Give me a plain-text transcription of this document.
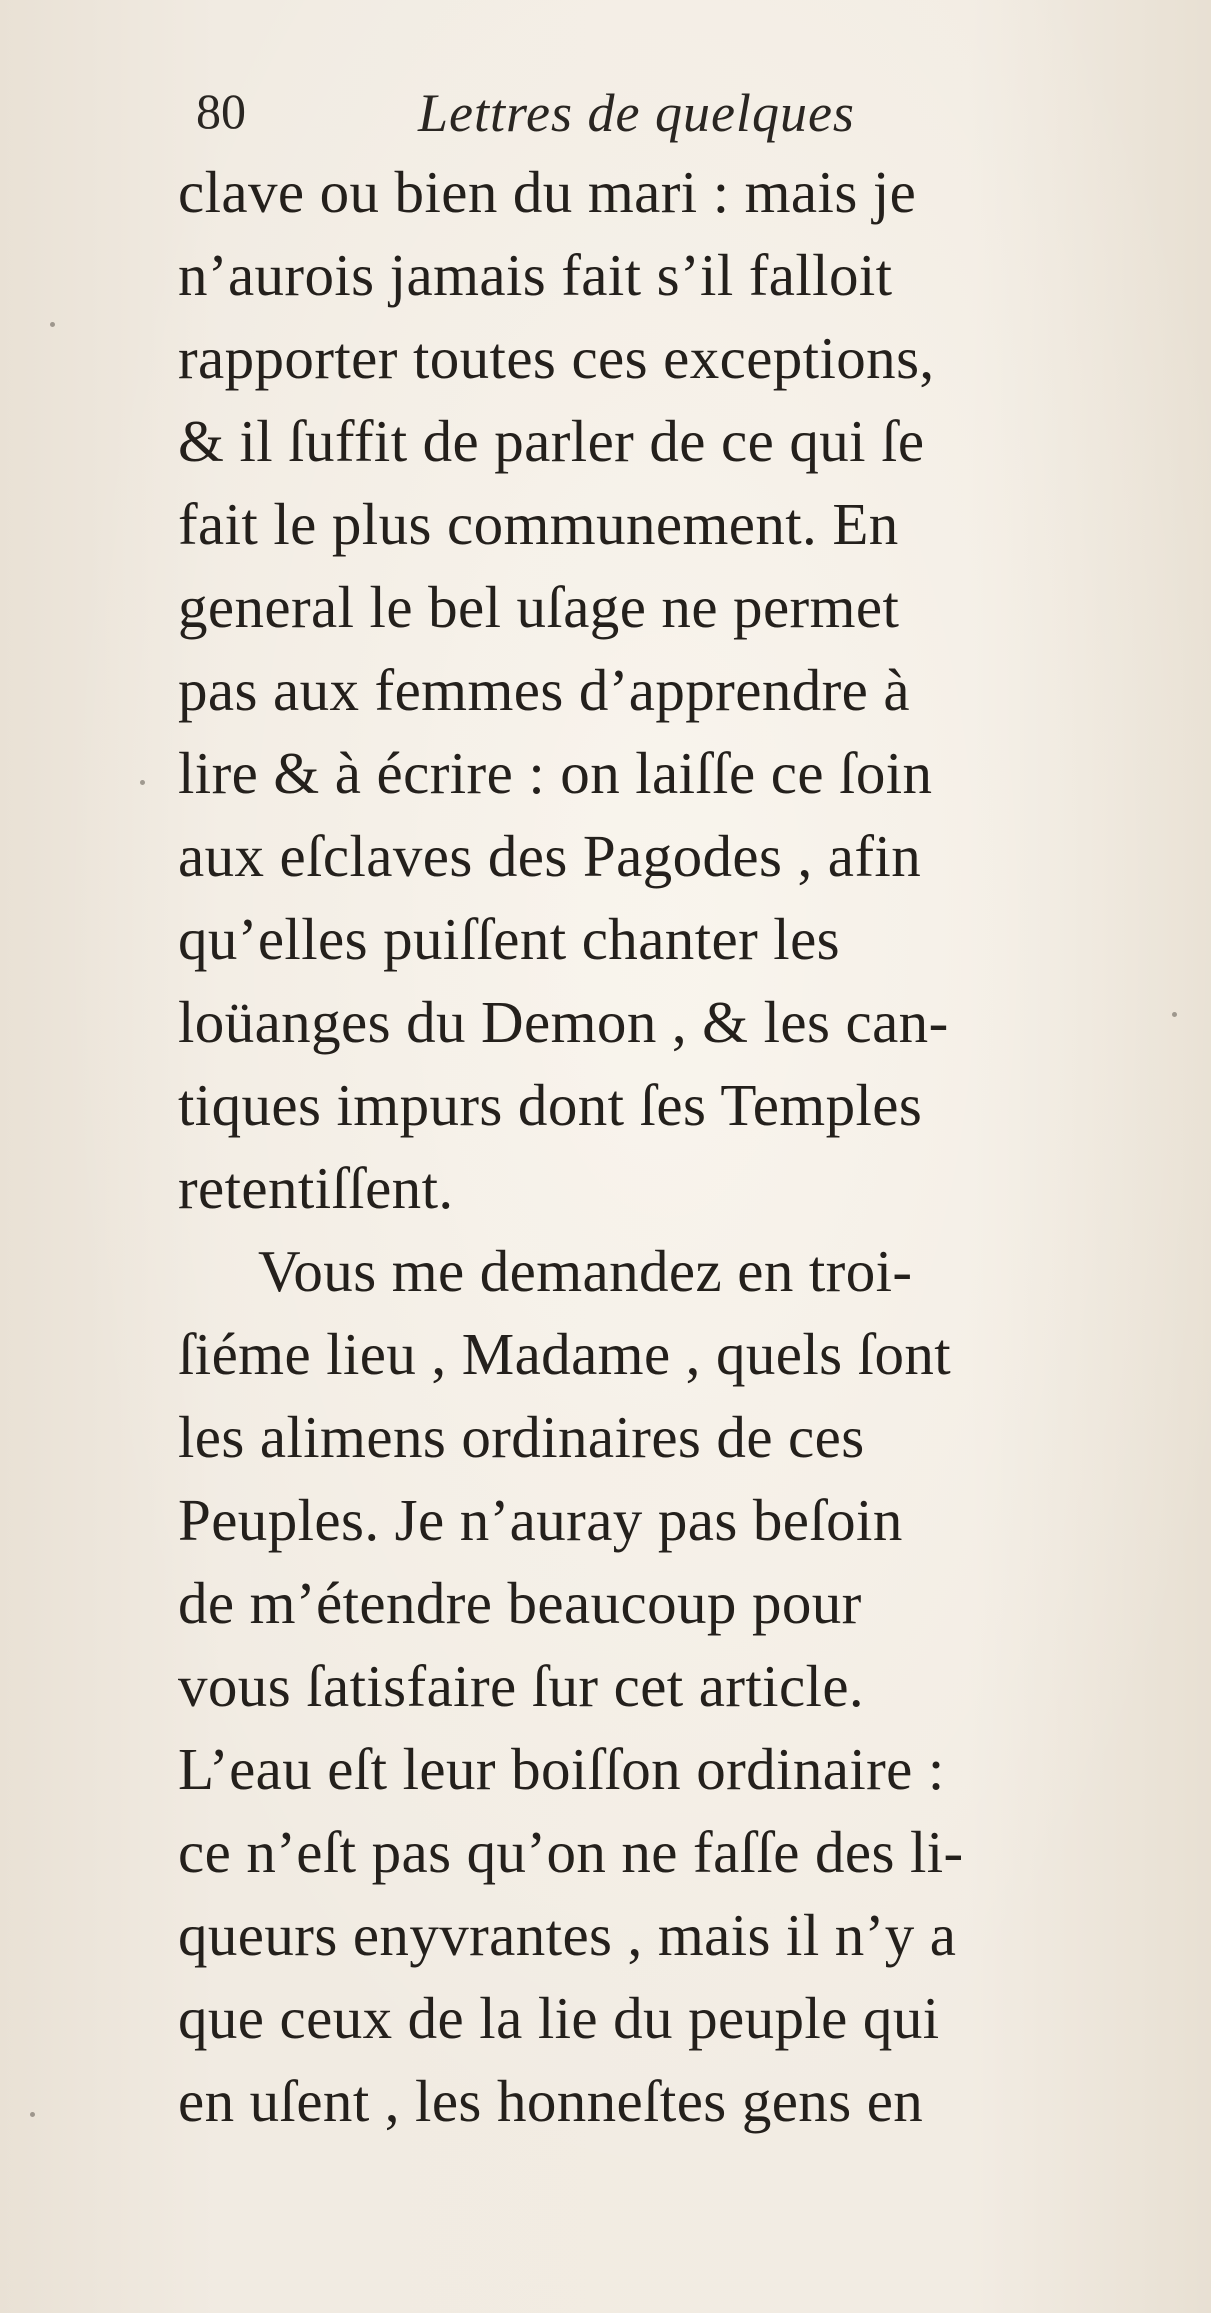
80	Lettres de quelques
clave ou bien du mari : mais je
n’aurois jamais fait s’il falloit
rapporter toutes ces exceptions,
& il ſuffit de parler de ce qui ſe
fait le plus communement. En
general le bel uſage ne permet
pas aux femmes d’apprendre à
lire & à écrire : on laiſſe ce ſoin
aux eſclaves des Pagodes , afin
qu’elles puiſſent chanter les
loüanges du Demon , & les can-
tiques impurs dont ſes Temples
retentiſſent.
Vous me demandez en troi-
ſiéme lieu , Madame , quels ſont
les alimens ordinaires de ces
Peuples. Je n’auray pas beſoin
de m’étendre beaucoup pour
vous ſatisfaire ſur cet article.
L’eau eſt leur boiſſon ordinaire :
ce n’eſt pas qu’on ne faſſe des li-
queurs enyvrantes , mais il n’y a
que ceux de la lie du peuple qui
en uſent , les honneſtes gens en
